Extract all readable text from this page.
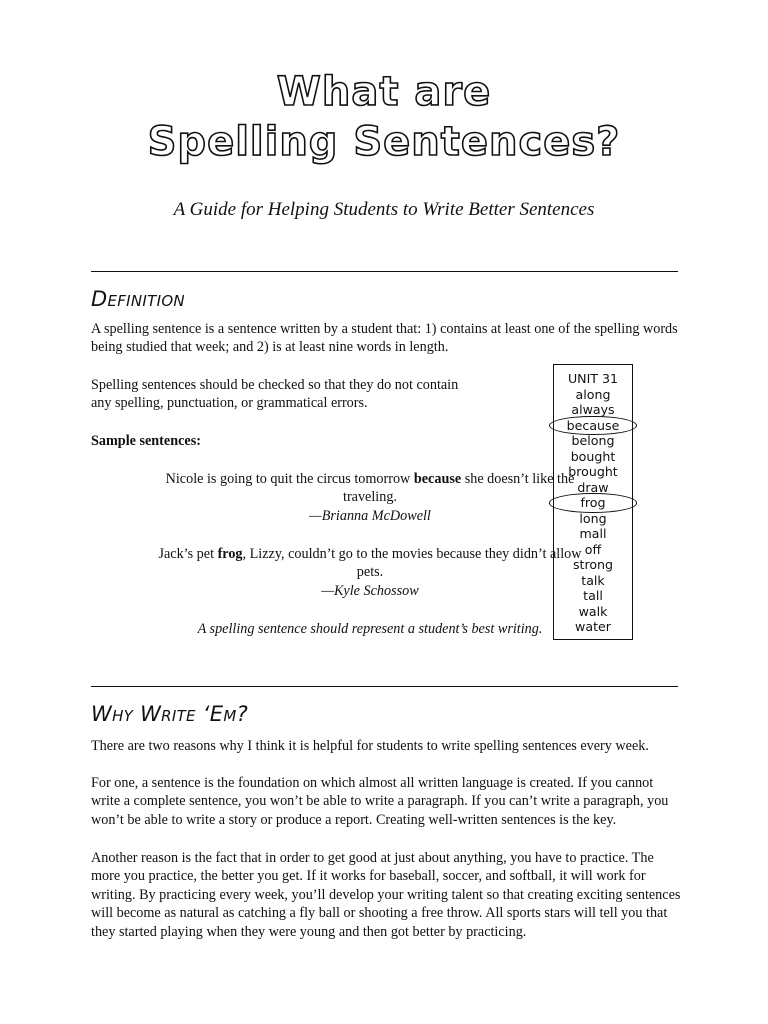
What are
Spelling Sentences?
A Guide for Helping Students to Write Better Sentences
Definition
A spelling sentence is a sentence written by a student that: 1) contains at least one of the spelling words being studied that week; and 2) is at least nine words in length.
Spelling sentences should be checked so that they do not contain any spelling, punctuation, or grammatical errors.
Sample sentences:
Nicole is going to quit the circus tomorrow because she doesn’t like the traveling.
—Brianna McDowell
Jack’s pet frog, Lizzy, couldn’t go to the movies because they didn’t allow pets.
—Kyle Schossow
A spelling sentence should represent a student’s best writing.
UNIT 31
along
always
because
belong
bought
brought
draw
frog
long
mall
off
strong
talk
tall
walk
water
Why Write ‘Em?
There are two reasons why I think it is helpful for students to write spelling sentences every week.
For one, a sentence is the foundation on which almost all written language is created. If you cannot write a complete sentence, you won’t be able to write a paragraph. If you can’t write a paragraph, you won’t be able to write a story or produce a report. Creating well-written sentences is the key.
Another reason is the fact that in order to get good at just about anything, you have to practice. The more you practice, the better you get. If it works for baseball, soccer, and softball, it will work for writing. By practicing every week, you’ll develop your writing talent so that creating exciting sentences will become as natural as catching a fly ball or shooting a free throw. All sports stars will tell you that they started playing when they were young and then got better by practicing.
